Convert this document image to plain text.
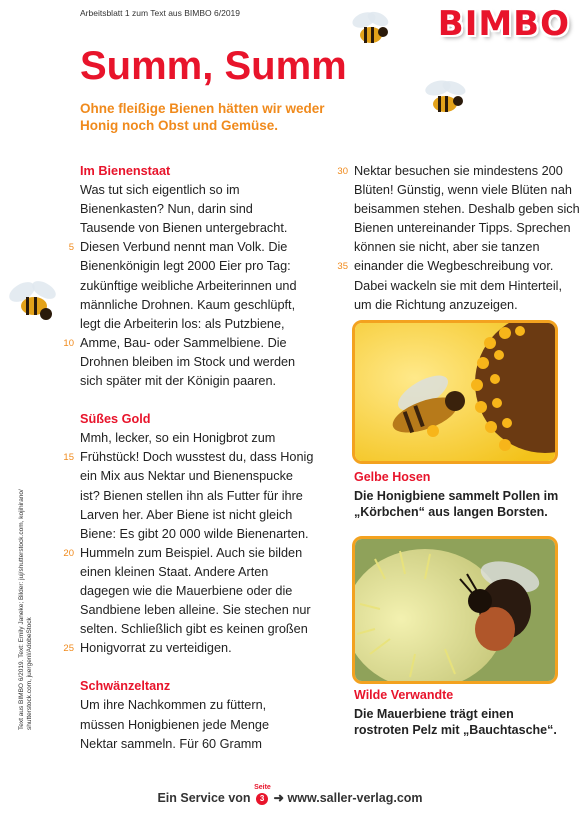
Arbeitsblatt 1 zum Text aus BIMBO 6/2019	BIMBO
Summ, Summ
Ohne fleißige Bienen hätten wir weder Honig noch Obst und Gemüse.
Text aus BIMBO 6/2019. Text: Emily Janeke; Bilder: juj/shutterstock.com, kojihirano/ shutterstock.com, juergenl/AdobeStock
Im Bienenstaat
Was tut sich eigentlich so im
Bienenkasten? Nun, darin sind
Tausende von Bienen untergebracht.
5 Diesen Verbund nennt man Volk. Die
Bienenkönigin legt 2000 Eier pro Tag:
zukünftige weibliche Arbeiterinnen und
männliche Drohnen. Kaum geschlüpft,
legt die Arbeiterin los: als Putzbiene,
10 Amme, Bau- oder Sammelbiene. Die
Drohnen bleiben im Stock und werden
sich später mit der Königin paaren.
Süßes Gold
Mmh, lecker, so ein Honigbrot zum
15 Frühstück! Doch wusstest du, dass Honig
ein Mix aus Nektar und Bienenspucke
ist? Bienen stellen ihn als Futter für ihre
Larven her. Aber Biene ist nicht gleich
Biene: Es gibt 20 000 wilde Bienenarten.
20 Hummeln zum Beispiel. Auch sie bilden
einen kleinen Staat. Andere Arten
dagegen wie die Mauerbiene oder die
Sandbiene leben alleine. Sie stechen nur
selten. Schließlich gibt es keinen großen
25 Honigvorrat zu verteidigen.
Schwänzeltanz
Um ihre Nachkommen zu füttern,
müssen Honigbienen jede Menge
Nektar sammeln. Für 60 Gramm
30 Nektar besuchen sie mindestens 200
Blüten! Günstig, wenn viele Blüten nah
beisammen stehen. Deshalb geben sich
Bienen untereinander Tipps. Sprechen
können sie nicht, aber sie tanzen
35 einander die Wegbeschreibung vor.
Dabei wackeln sie mit dem Hinterteil,
um die Richtung anzuzeigen.
Gelbe Hosen
Die Honigbiene sammelt Pollen im „Körbchen“ aus langen Borsten.
Wilde Verwandte
Die Mauerbiene trägt einen rostroten Pelz mit „Bauchtasche“.
Ein Service von
Seite
3 ➜ www.saller-verlag.com
